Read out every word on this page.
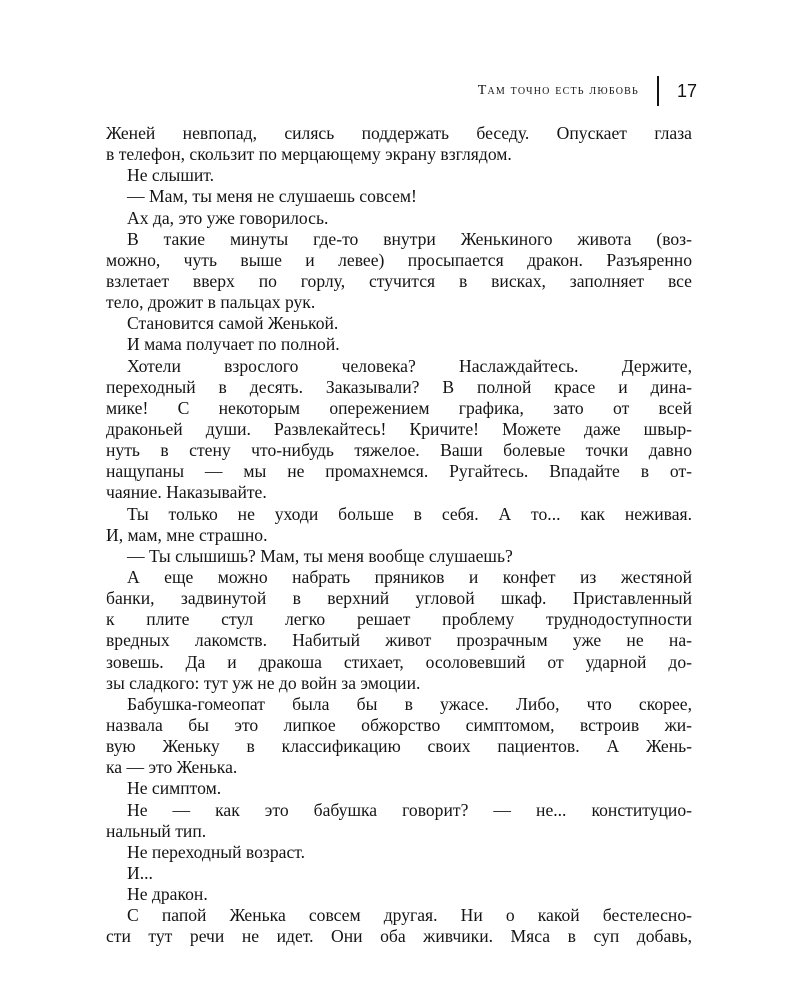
Там точно есть любовь 17
Женей невпопад, силясь поддержать беседу. Опускает глаза
в телефон, скользит по мерцающему экрану взглядом.
Не слышит.
— Мам, ты меня не слушаешь совсем!
Ах да, это уже говорилось.
В такие минуты где-то внутри Женькиного живота (воз-
можно, чуть выше и левее) просыпается дракон. Разъяренно
взлетает вверх по горлу, стучится в висках, заполняет все
тело, дрожит в пальцах рук.
Становится самой Женькой.
И мама получает по полной.
Хотели взрослого человека? Наслаждайтесь. Держите,
переходный в десять. Заказывали? В полной красе и дина-
мике! С некоторым опережением графика, зато от всей
драконьей души. Развлекайтесь! Кричите! Можете даже швыр-
нуть в стену что-нибудь тяжелое. Ваши болевые точки давно
нащупаны — мы не промахнемся. Ругайтесь. Впадайте в от-
чаяние. Наказывайте.
Ты только не уходи больше в себя. А то... как неживая.
И, мам, мне страшно.
— Ты слышишь? Мам, ты меня вообще слушаешь?
А еще можно набрать пряников и конфет из жестяной
банки, задвинутой в верхний угловой шкаф. Приставленный
к плите стул легко решает проблему труднодоступности
вредных лакомств. Набитый живот прозрачным уже не на-
зовешь. Да и дракоша стихает, осоловевший от ударной до-
зы сладкого: тут уж не до войн за эмоции.
Бабушка-гомеопат была бы в ужасе. Либо, что скорее,
назвала бы это липкое обжорство симптомом, встроив жи-
вую Женьку в классификацию своих пациентов. А Жень-
ка — это Женька.
Не симптом.
Не — как это бабушка говорит? — не... конституцио-
нальный тип.
Не переходный возраст.
И...
Не дракон.
С папой Женька совсем другая. Ни о какой бестелесно-
сти тут речи не идет. Они оба живчики. Мяса в суп добавь,
